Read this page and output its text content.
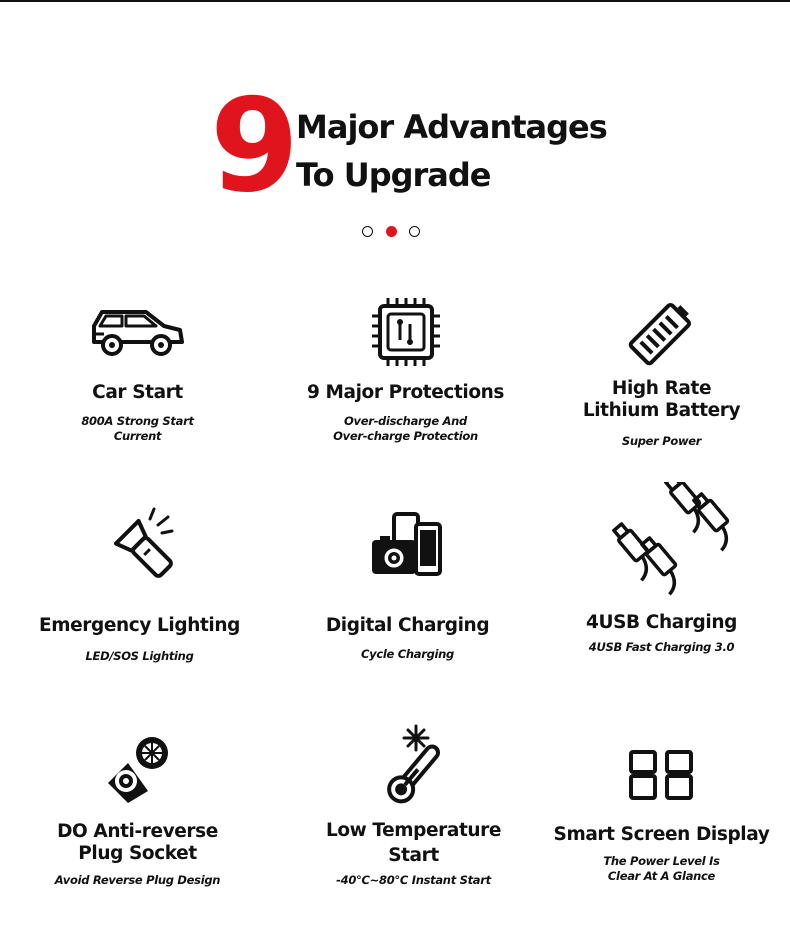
9 Major Advantages
To Upgrade
Car Start
800A Strong Start
Current
9 Major Protections
Over-discharge And
Over-charge Protection
High Rate
Lithium Battery
Super Power
Emergency Lighting
LED/SOS Lighting
Digital Charging
Cycle Charging
4USB Charging
4USB Fast Charging 3.0
DO Anti-reverse
Plug Socket
Avoid Reverse Plug Design
Low Temperature
Start
-40℃~80℃ Instant Start
Smart Screen Display
The Power Level Is
Clear At A Glance
